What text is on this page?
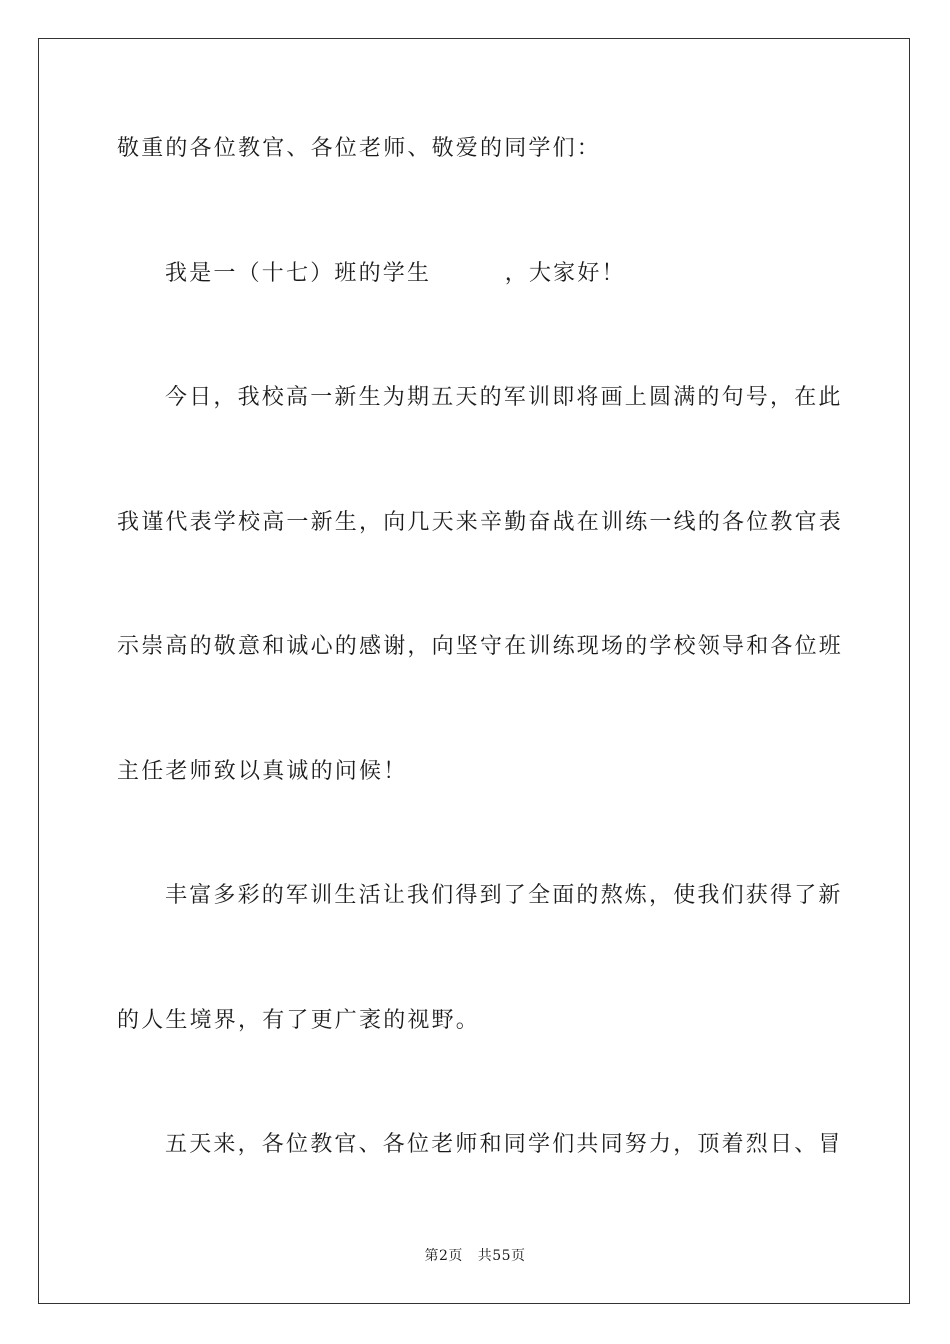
敬重的各位教官、各位老师、敬爱的同学们：
我是一（十七）班的学生        ，大家好！
今日，我校高一新生为期五天的军训即将画上圆满的句号，在此
我谨代表学校高一新生，向几天来辛勤奋战在训练一线的各位教官表
示崇高的敬意和诚心的感谢，向坚守在训练现场的学校领导和各位班
主任老师致以真诚的问候！
丰富多彩的军训生活让我们得到了全面的熬炼，使我们获得了新
的人生境界，有了更广袤的视野。
五天来，各位教官、各位老师和同学们共同努力，顶着烈日、冒
第2页   共55页
